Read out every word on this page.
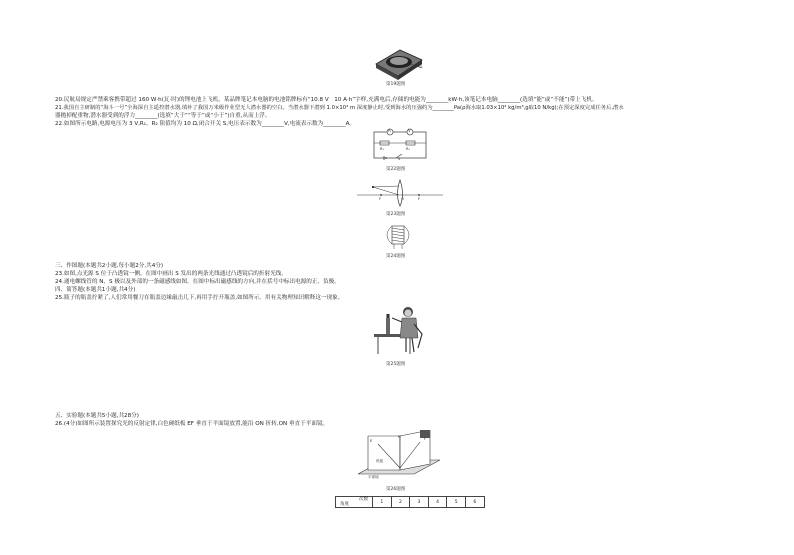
轨
第19题图
20.民航局规定严禁乘客携带超过 160 W·h(瓦·时)的锂电池上飞机。某品牌笔记本电脑的电池铭牌标有“10.8 V　10 A·h”字样,充满电后,存储的电能为________kW·h,该笔记本电脑________(选填“能”或“不能”)带上飞机。
21.我国自主研制的“海斗一号”全海深自主遥控潜水器,填补了我国万米级作业型无人潜水器的空白。当潜水器下潜到 1.0×10⁴ m 深度静止时,受到海水的压强约为________Pa(ρ海水取1.03×10³ kg/m³,g取10 N/kg);在预定深度完成任务后,潜水
器抛掉配重物,潜水器受到的浮力________(选填“大于”“等于”或“小于”)自重,从而上浮。
22.如图所示电路,电源电压为 3 V,R₁、R₂ 阻值均为 10 Ω,闭合开关 S,电压表示数为________V,电流表示数为________A。
A	V
R₁	R₂
S
第22题图
F	O	F
第23题图
第24题图
三、作图题(本题共2小题,每小题2分,共4分)
23.如图,点光源 S 位于凸透镜一侧。在图中画出 S 发出的两条光线通过凸透镜后的折射光线。
24.通电螺线管的 N、S 极以及外部的一条磁感线如图。在图中标出磁感线的方向,并在括号中标出电源的正、负极。
四、简答题(本题共1小题,共4分)
25.瓶子的瓶盖拧紧了,人们常用餐刀在瓶盖边缘敲击几下,再用手拧开瓶盖,如图所示。用有关物理知识解释这一现象。
第25题图
五、实验题(本题共5小题,共28分)
26.(4分)如图所示装置探究光的反射定律,白色硬纸板 EF 垂直于平面镜放置,能沿 ON 折转,ON 垂直于平面镜。
E
N	F
纸板
平面镜
第26题图
次数
角度	1	2	3	4	5	6
